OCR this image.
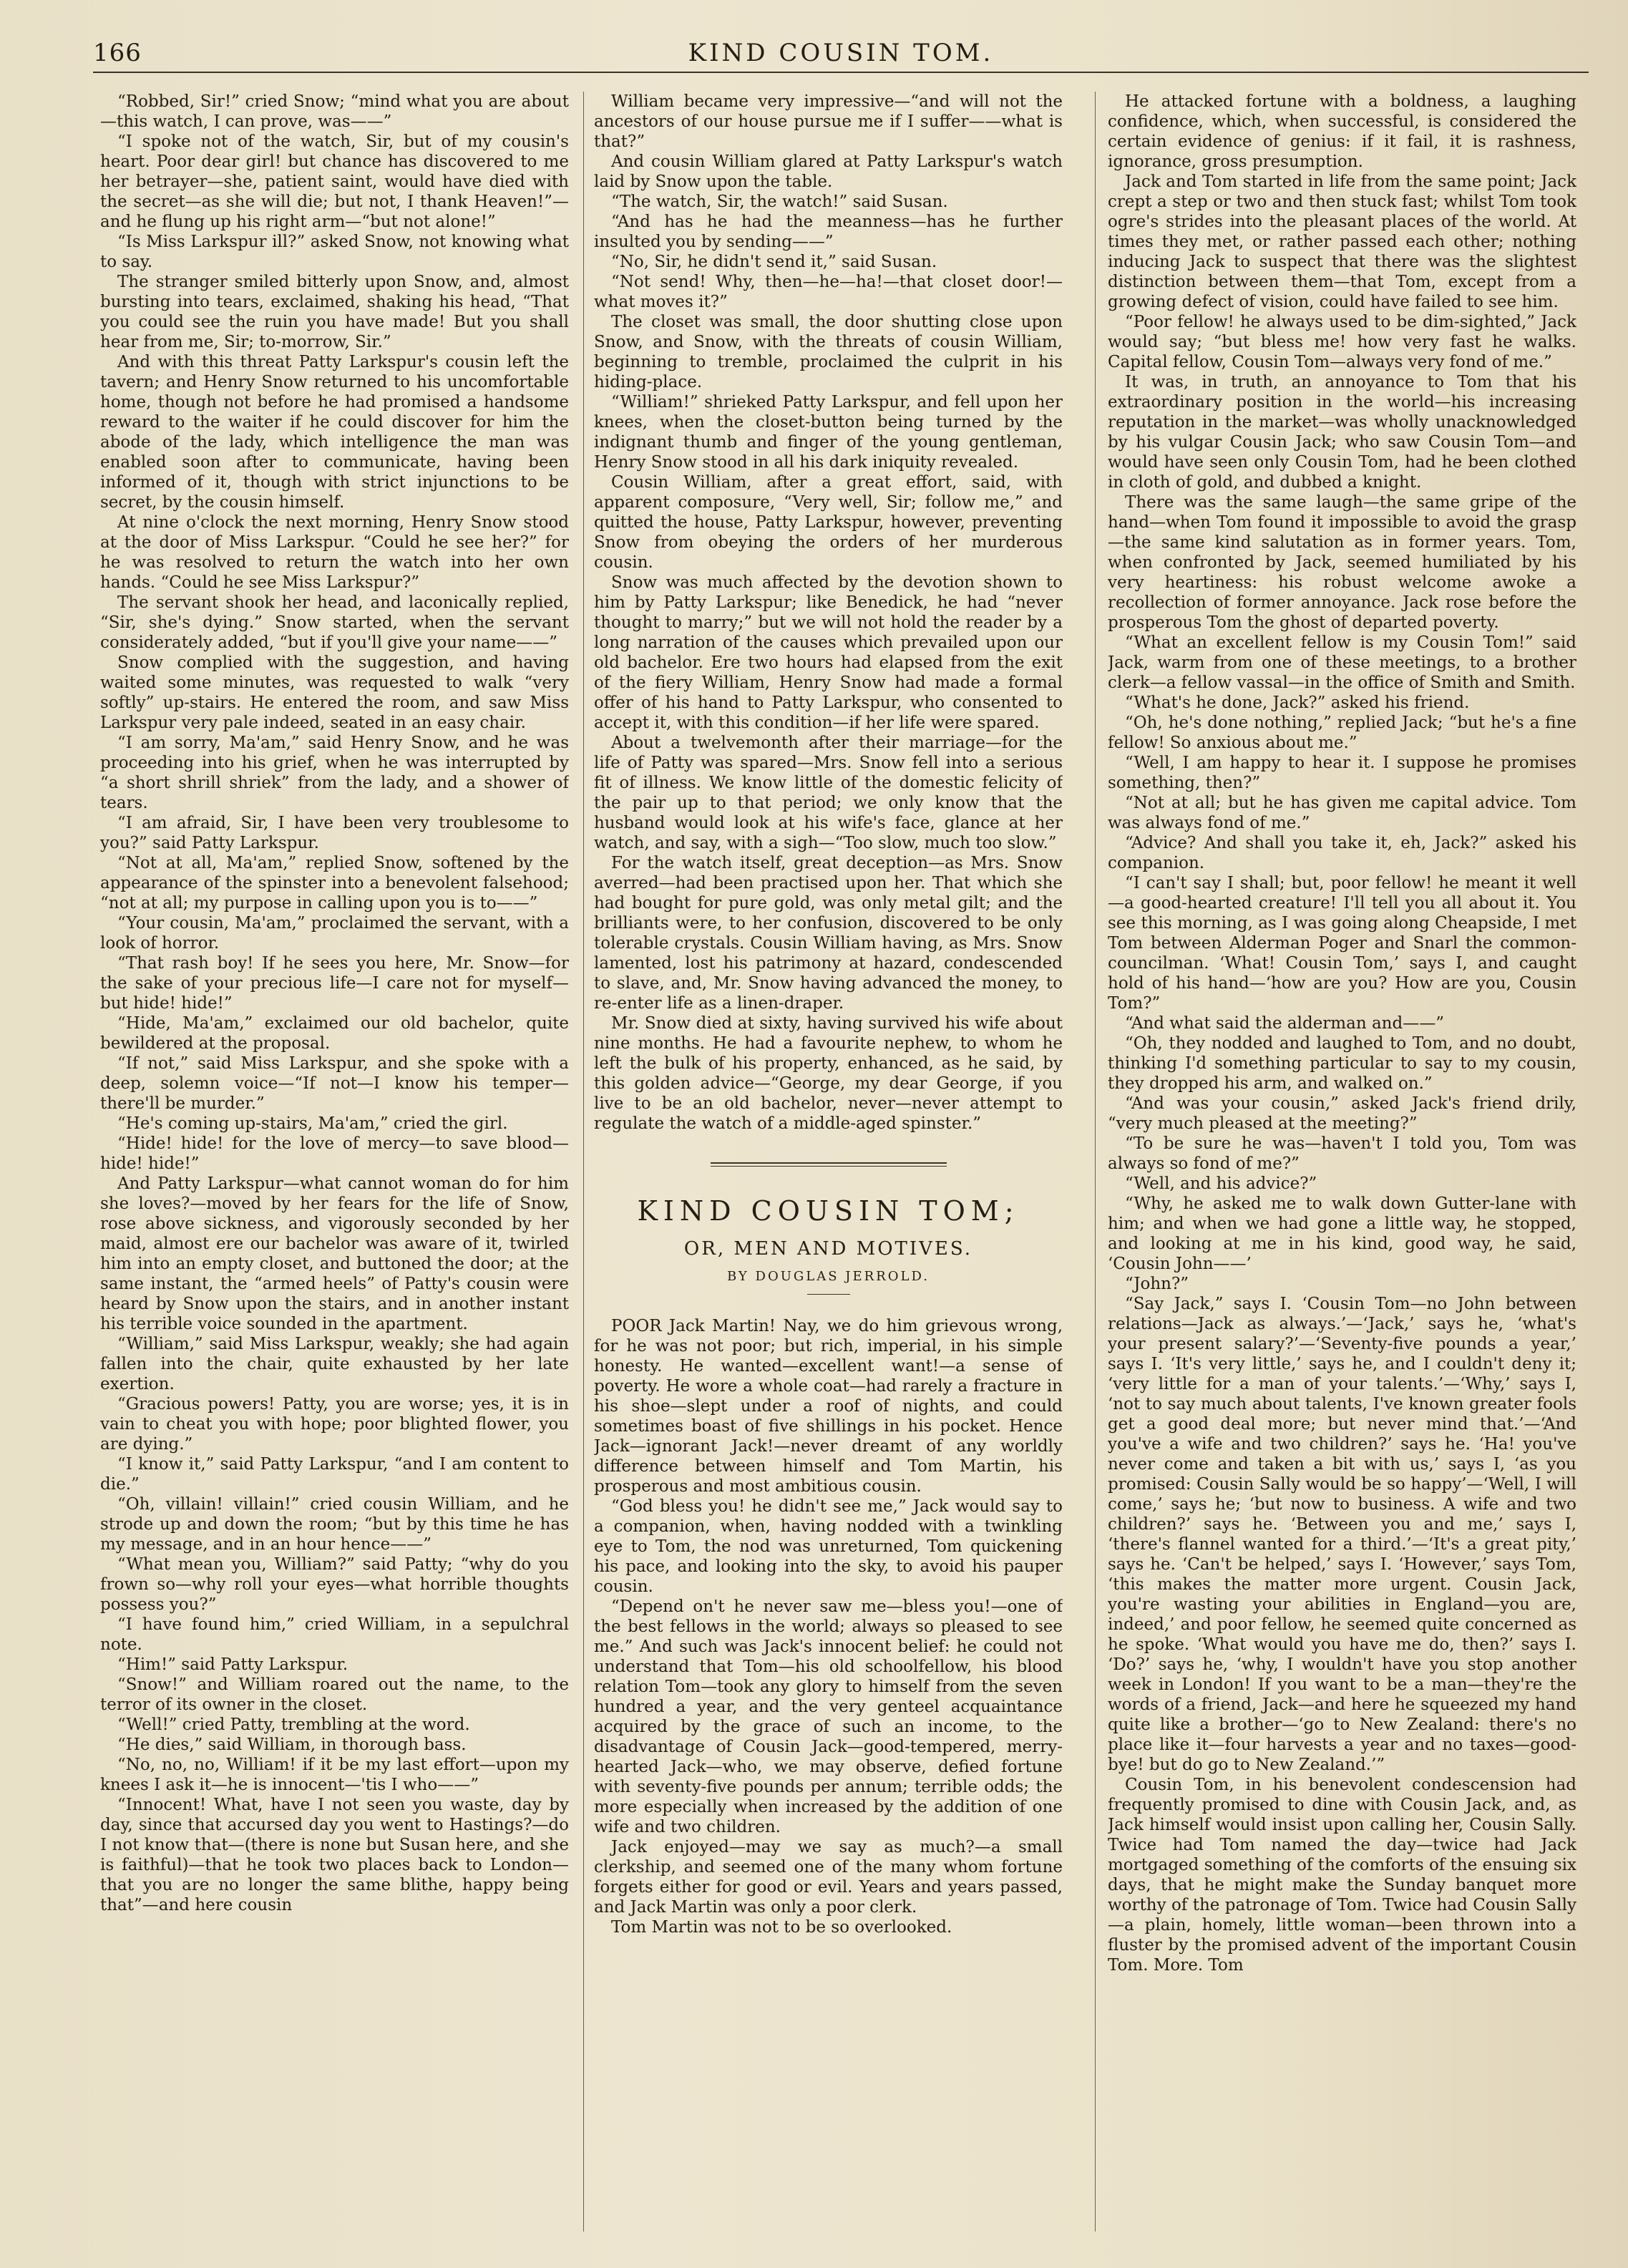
166	KIND COUSIN TOM.

“Robbed, Sir!” cried Snow; “mind what you are about—this watch, I can prove, was——”

“I spoke not of the watch, Sir, but of my cousin's heart. Poor dear girl! but chance has discovered to me her betrayer—she, patient saint, would have died with the secret—as she will die; but not, I thank Heaven!”—and he flung up his right arm—“but not alone!”

“Is Miss Larkspur ill?” asked Snow, not knowing what to say.

The stranger smiled bitterly upon Snow, and, almost bursting into tears, exclaimed, shaking his head, “That you could see the ruin you have made! But you shall hear from me, Sir; to-morrow, Sir.”

And with this threat Patty Larkspur's cousin left the tavern; and Henry Snow returned to his uncomfortable home, though not before he had promised a handsome reward to the waiter if he could discover for him the abode of the lady, which intelligence the man was enabled soon after to communicate, having been informed of it, though with strict injunctions to be secret, by the cousin himself.

At nine o'clock the next morning, Henry Snow stood at the door of Miss Larkspur. “Could he see her?” for he was resolved to return the watch into her own hands. “Could he see Miss Larkspur?”

The servant shook her head, and laconically replied, “Sir, she's dying.” Snow started, when the servant considerately added, “but if you'll give your name——”

Snow complied with the suggestion, and having waited some minutes, was requested to walk “very softly” up-stairs. He entered the room, and saw Miss Larkspur very pale indeed, seated in an easy chair.

“I am sorry, Ma'am,” said Henry Snow, and he was proceeding into his grief, when he was interrupted by “a short shrill shriek” from the lady, and a shower of tears.

“I am afraid, Sir, I have been very troublesome to you?” said Patty Larkspur.

“Not at all, Ma'am,” replied Snow, softened by the appearance of the spinster into a benevolent falsehood; “not at all; my purpose in calling upon you is to——”

“Your cousin, Ma'am,” proclaimed the servant, with a look of horror.

“That rash boy! If he sees you here, Mr. Snow—for the sake of your precious life—I care not for myself—but hide! hide!”

“Hide, Ma'am,” exclaimed our old bachelor, quite bewildered at the proposal.

“If not,” said Miss Larkspur, and she spoke with a deep, solemn voice—“If not—I know his temper—there'll be murder.”

“He's coming up-stairs, Ma'am,” cried the girl.

“Hide! hide! for the love of mercy—to save blood—hide! hide!”

And Patty Larkspur—what cannot woman do for him she loves?—moved by her fears for the life of Snow, rose above sickness, and vigorously seconded by her maid, almost ere our bachelor was aware of it, twirled him into an empty closet, and buttoned the door; at the same instant, the “armed heels” of Patty's cousin were heard by Snow upon the stairs, and in another instant his terrible voice sounded in the apartment.

“William,” said Miss Larkspur, weakly; she had again fallen into the chair, quite exhausted by her late exertion.

“Gracious powers! Patty, you are worse; yes, it is in vain to cheat you with hope; poor blighted flower, you are dying.”

“I know it,” said Patty Larkspur, “and I am content to die.”

“Oh, villain! villain!” cried cousin William, and he strode up and down the room; “but by this time he has my message, and in an hour hence——”

“What mean you, William?” said Patty; “why do you frown so—why roll your eyes—what horrible thoughts possess you?”

“I have found him,” cried William, in a sepulchral note.

“Him!” said Patty Larkspur.

“Snow!” and William roared out the name, to the terror of its owner in the closet.

“Well!” cried Patty, trembling at the word.

“He dies,” said William, in thorough bass.

“No, no, no, William! if it be my last effort—upon my knees I ask it—he is innocent—'tis I who——”

“Innocent! What, have I not seen you waste, day by day, since that accursed day you went to Hastings?—do I not know that—(there is none but Susan here, and she is faithful)—that he took two places back to London—that you are no longer the same blithe, happy being that”—and here cousin

William became very impressive—“and will not the ancestors of our house pursue me if I suffer——what is that?”

And cousin William glared at Patty Larkspur's watch laid by Snow upon the table.

“The watch, Sir, the watch!” said Susan.

“And has he had the meanness—has he further insulted you by sending——”

“No, Sir, he didn't send it,” said Susan.

“Not send! Why, then—he—ha!—that closet door!—what moves it?”

The closet was small, the door shutting close upon Snow, and Snow, with the threats of cousin William, beginning to tremble, proclaimed the culprit in his hiding-place.

“William!” shrieked Patty Larkspur, and fell upon her knees, when the closet-button being turned by the indignant thumb and finger of the young gentleman, Henry Snow stood in all his dark iniquity revealed.

Cousin William, after a great effort, said, with apparent composure, “Very well, Sir; follow me,” and quitted the house, Patty Larkspur, however, preventing Snow from obeying the orders of her murderous cousin.

Snow was much affected by the devotion shown to him by Patty Larkspur; like Benedick, he had “never thought to marry;” but we will not hold the reader by a long narration of the causes which prevailed upon our old bachelor. Ere two hours had elapsed from the exit of the fiery William, Henry Snow had made a formal offer of his hand to Patty Larkspur, who consented to accept it, with this condition—if her life were spared.

About a twelvemonth after their marriage—for the life of Patty was spared—Mrs. Snow fell into a serious fit of illness. We know little of the domestic felicity of the pair up to that period; we only know that the husband would look at his wife's face, glance at her watch, and say, with a sigh—“Too slow, much too slow.”

For the watch itself, great deception—as Mrs. Snow averred—had been practised upon her. That which she had bought for pure gold, was only metal gilt; and the brilliants were, to her confusion, discovered to be only tolerable crystals. Cousin William having, as Mrs. Snow lamented, lost his patrimony at hazard, condescended to slave, and, Mr. Snow having advanced the money, to re-enter life as a linen-draper.

Mr. Snow died at sixty, having survived his wife about nine months. He had a favourite nephew, to whom he left the bulk of his property, enhanced, as he said, by this golden advice—“George, my dear George, if you live to be an old bachelor, never—never attempt to regulate the watch of a middle-aged spinster.”

KIND COUSIN TOM;

OR, MEN AND MOTIVES.

BY DOUGLAS JERROLD.

POOR Jack Martin! Nay, we do him grievous wrong, for he was not poor; but rich, imperial, in his simple honesty. He wanted—excellent want!—a sense of poverty. He wore a whole coat—had rarely a fracture in his shoe—slept under a roof of nights, and could sometimes boast of five shillings in his pocket. Hence Jack—ignorant Jack!—never dreamt of any worldly difference between himself and Tom Martin, his prosperous and most ambitious cousin.

“God bless you! he didn't see me,” Jack would say to a companion, when, having nodded with a twinkling eye to Tom, the nod was unreturned, Tom quickening his pace, and looking into the sky, to avoid his pauper cousin.

“Depend on't he never saw me—bless you!—one of the best fellows in the world; always so pleased to see me.” And such was Jack's innocent belief: he could not understand that Tom—his old schoolfellow, his blood relation Tom—took any glory to himself from the seven hundred a year, and the very genteel acquaintance acquired by the grace of such an income, to the disadvantage of Cousin Jack—good-tempered, merry-hearted Jack—who, we may observe, defied fortune with seventy-five pounds per annum; terrible odds; the more especially when increased by the addition of one wife and two children.

Jack enjoyed—may we say as much?—a small clerkship, and seemed one of the many whom fortune forgets either for good or evil. Years and years passed, and Jack Martin was only a poor clerk.

Tom Martin was not to be so overlooked.

He attacked fortune with a boldness, a laughing confidence, which, when successful, is considered the certain evidence of genius: if it fail, it is rashness, ignorance, gross presumption.

Jack and Tom started in life from the same point; Jack crept a step or two and then stuck fast; whilst Tom took ogre's strides into the pleasant places of the world. At times they met, or rather passed each other; nothing inducing Jack to suspect that there was the slightest distinction between them—that Tom, except from a growing defect of vision, could have failed to see him.

“Poor fellow! he always used to be dim-sighted,” Jack would say; “but bless me! how very fast he walks. Capital fellow, Cousin Tom—always very fond of me.”

It was, in truth, an annoyance to Tom that his extraordinary position in the world—his increasing reputation in the market—was wholly unacknowledged by his vulgar Cousin Jack; who saw Cousin Tom—and would have seen only Cousin Tom, had he been clothed in cloth of gold, and dubbed a knight.

There was the same laugh—the same gripe of the hand—when Tom found it impossible to avoid the grasp—the same kind salutation as in former years. Tom, when confronted by Jack, seemed humiliated by his very heartiness: his robust welcome awoke a recollection of former annoyance. Jack rose before the prosperous Tom the ghost of departed poverty.

“What an excellent fellow is my Cousin Tom!” said Jack, warm from one of these meetings, to a brother clerk—a fellow vassal—in the office of Smith and Smith.

“What's he done, Jack?” asked his friend.

“Oh, he's done nothing,” replied Jack; “but he's a fine fellow! So anxious about me.”

“Well, I am happy to hear it. I suppose he promises something, then?”

“Not at all; but he has given me capital advice. Tom was always fond of me.”

“Advice? And shall you take it, eh, Jack?” asked his companion.

“I can't say I shall; but, poor fellow! he meant it well—a good-hearted creature! I'll tell you all about it. You see this morning, as I was going along Cheapside, I met Tom between Alderman Poger and Snarl the common-councilman. ‘What! Cousin Tom,’ says I, and caught hold of his hand—‘how are you? How are you, Cousin Tom?”

“And what said the alderman and——”

“Oh, they nodded and laughed to Tom, and no doubt, thinking I'd something particular to say to my cousin, they dropped his arm, and walked on.”

“And was your cousin,” asked Jack's friend drily, “very much pleased at the meeting?”

“To be sure he was—haven't I told you, Tom was always so fond of me?”

“Well, and his advice?”

“Why, he asked me to walk down Gutter-lane with him; and when we had gone a little way, he stopped, and looking at me in his kind, good way, he said, ‘Cousin John——’

“John?”

“Say Jack,” says I. ‘Cousin Tom—no John between relations—Jack as always.’—‘Jack,’ says he, ‘what's your present salary?’—‘Seventy-five pounds a year,’ says I. ‘It's very little,’ says he, and I couldn't deny it; ‘very little for a man of your talents.’—‘Why,’ says I, ‘not to say much about talents, I've known greater fools get a good deal more; but never mind that.’—‘And you've a wife and two children?’ says he. ‘Ha! you've never come and taken a bit with us,’ says I, ‘as you promised: Cousin Sally would be so happy’—‘Well, I will come,’ says he; ‘but now to business. A wife and two children?’ says he. ‘Between you and me,’ says I, ‘there's flannel wanted for a third.’—‘It's a great pity,’ says he. ‘Can't be helped,’ says I. ‘However,’ says Tom, ‘this makes the matter more urgent. Cousin Jack, you're wasting your abilities in England—you are, indeed,’ and poor fellow, he seemed quite concerned as he spoke. ‘What would you have me do, then?’ says I. ‘Do?’ says he, ‘why, I wouldn't have you stop another week in London! If you want to be a man—they're the words of a friend, Jack—and here he squeezed my hand quite like a brother—‘go to New Zealand: there's no place like it—four harvests a year and no taxes—good-bye! but do go to New Zealand.’”

Cousin Tom, in his benevolent condescension had frequently promised to dine with Cousin Jack, and, as Jack himself would insist upon calling her, Cousin Sally. Twice had Tom named the day—twice had Jack mortgaged something of the comforts of the ensuing six days, that he might make the Sunday banquet more worthy of the patronage of Tom. Twice had Cousin Sally—a plain, homely, little woman—been thrown into a fluster by the promised advent of the important Cousin Tom. More. Tom
